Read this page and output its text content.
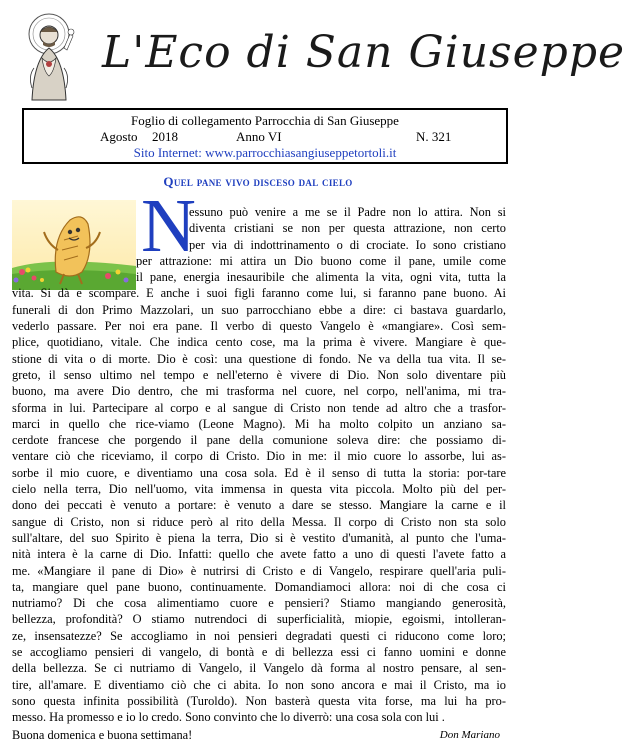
L'Eco di San Giuseppe
Foglio di collegamento Parrocchia di San Giuseppe
Agosto 2018	Anno VI	N. 321
Sito Internet: www.parrocchiasangiuseppetortoli.it
Quel pane vivo disceso dal cielo
N
essuno può venire a me se il Padre non lo attira. Non si
diventa cristiani se non per questa attrazione, non certo
per via di indottrinamento o di crociate. Io sono cristiano
per attrazione: mi attira un Dio buono come il pane, umile come
il pane, energia inesauribile che alimenta la vita, ogni vita, tutta la
vita. Si dà e scompare. E anche i suoi figli faranno come lui, si faranno pane buono. Ai
funerali di don Primo Mazzolari, un suo parrocchiano ebbe a dire: ci bastava guardarlo,
vederlo passare. Per noi era pane. Il verbo di questo Vangelo è «mangiare». Così sem-
plice, quotidiano, vitale. Che indica cento cose, ma la prima è vivere. Mangiare è que-
stione di vita o di morte. Dio è così: una questione di fondo. Ne va della tua vita. Il se-
greto, il senso ultimo nel tempo e nell'eterno è vivere di Dio. Non solo diventare più
buono, ma avere Dio dentro, che mi trasforma nel cuore, nel corpo, nell'anima, mi tra-
sforma in lui. Partecipare al corpo e al sangue di Cristo non tende ad altro che a trasfor-
marci in quello che rice-viamo (Leone Magno). Mi ha molto colpito un anziano sa-
cerdote francese che porgendo il pane della comunione soleva dire: che possiamo di-
ventare ciò che riceviamo, il corpo di Cristo. Dio in me: il mio cuore lo assorbe, lui as-
sorbe il mio cuore, e diventiamo una cosa sola. Ed è il senso di tutta la storia: por-tare
cielo nella terra, Dio nell'uomo, vita immensa in questa vita piccola. Molto più del per-
dono dei peccati è venuto a portare: è venuto a dare se stesso. Mangiare la carne e il
sangue di Cristo, non si riduce però al rito della Messa. Il corpo di Cristo non sta solo
sull'altare, del suo Spirito è piena la terra, Dio si è vestito d'umanità, al punto che l'uma-
nità intera è la carne di Dio. Infatti: quello che avete fatto a uno di questi l'avete fatto a
me. «Mangiare il pane di Dio» è nutrirsi di Cristo e di Vangelo, respirare quell'aria puli-
ta, mangiare quel pane buono, continuamente. Domandiamoci allora: noi di che cosa ci
nutriamo? Di che cosa alimentiamo cuore e pensieri? Stiamo mangiando generosità,
bellezza, profondità? O stiamo nutrendoci di superficialità, miopie, egoismi, intolleran-
ze, insensatezze? Se accogliamo in noi pensieri degradati questi ci riducono come loro;
se accogliamo pensieri di vangelo, di bontà e di bellezza essi ci fanno uomini e donne
della bellezza. Se ci nutriamo di Vangelo, il Vangelo dà forma al nostro pensare, al sen-
tire, all'amare. E diventiamo ciò che ci abita. Io non sono ancora e mai il Cristo, ma io
sono questa infinita possibilità (Turoldo). Non basterà questa vita forse, ma lui ha pro-
messo. Ha promesso e io lo credo. Sono convinto che lo diverrò: una cosa sola con lui .
Buona domenica e buona settimana!	Don Mariano
